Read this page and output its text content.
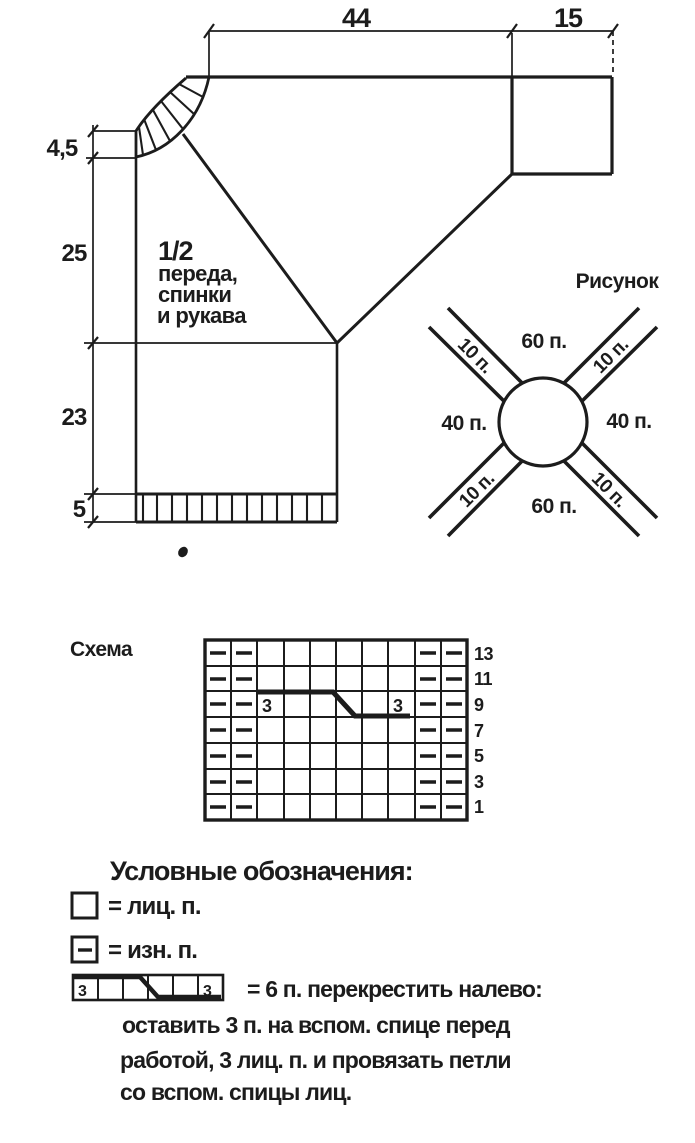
44	15
4,5
25
23
5
1/2
переда,
спинки
и рукава
Рисунок
60 п.
40 п.	40 п.
60 п.
10 п.
10 п.
10 п.	10 п.
Схема
3	3
13
11
9
7
5
3
1
Условные обозначения:
= лиц. п.
= изн. п.
3	3 = 6 п. перекрестить налево:
оставить 3 п. на вспом. спице перед
работой, 3 лиц. п. и провязать петли
со вспом. спицы лиц.
